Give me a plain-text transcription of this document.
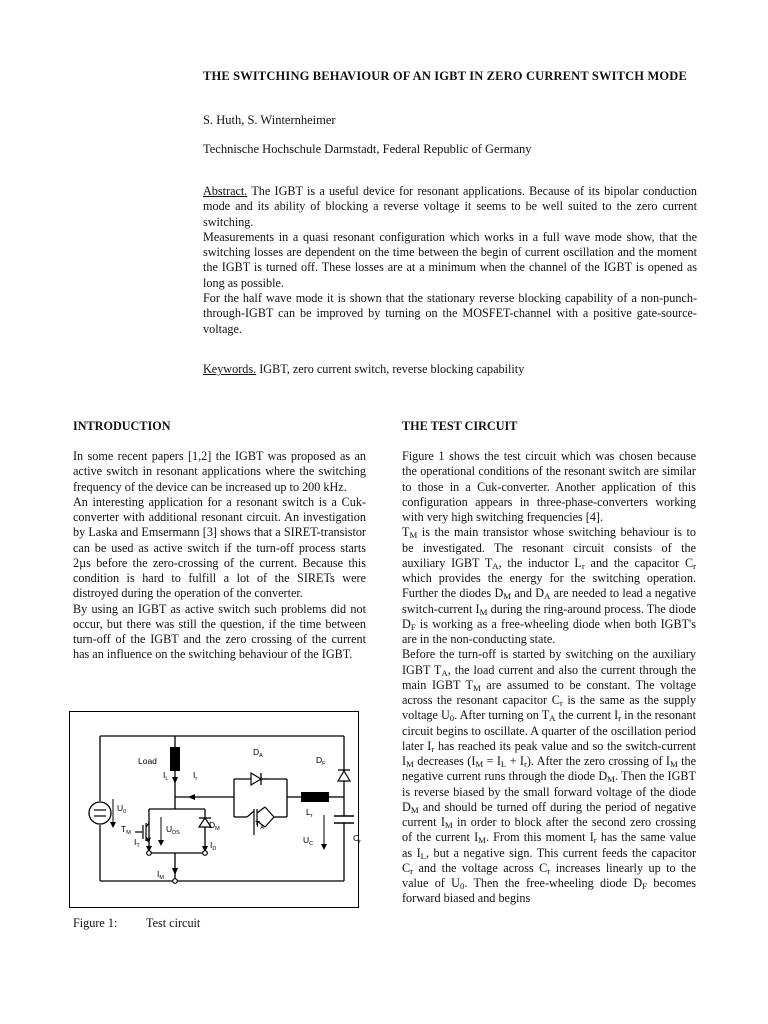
THE SWITCHING BEHAVIOUR OF AN IGBT IN ZERO CURRENT SWITCH MODE
S. Huth, S. Winternheimer
Technische Hochschule Darmstadt, Federal Republic of Germany

Abstract. The IGBT is a useful device for resonant applications. Because of its bipolar conduction mode and its ability of blocking a reverse voltage it seems to be well suited to the zero current switching.

Measurements in a quasi resonant configuration which works in a full wave mode show, that the switching losses are dependent on the time between the begin of current oscillation and the moment the IGBT is turned off. These losses are at a minimum when the channel of the IGBT is opened as long as possible.

For the half wave mode it is shown that the stationary reverse blocking capability of a non-punch-through-IGBT can be improved by turning on the MOSFET-channel with a positive gate-source-voltage.

Keywords. IGBT, zero current switch, reverse blocking capability
INTRODUCTION

In some recent papers [1,2] the IGBT was proposed as an active switch in resonant applications where the switching frequency of the device can be increased up to 200 kHz.

An interesting application for a resonant switch is a Cuk-converter with additional resonant circuit. An investigation by Laska and Emsermann [3] shows that a SIRET-transistor can be used as active switch if the turn-off process starts 2µs before the zero-crossing of the current. Because this condition is hard to fulfill a lot of the SIRETs were distroyed during the operation of the converter.

By using an IGBT as active switch such problems did not occur, but there was still the question, if the time between turn-off of the IGBT and the zero crossing of the current has an influence on the switching behaviour of the IGBT.

Load
$D_A$	$D_F$
$I_L$	$I_r$
$L_r$
$U_0$
$T_M$	$U_{DS}$
$D_M$	$T_A$
$I_T$	$I_D$
$U_C$
$C_r$
$I_M$
Figure 1: Test circuit
THE TEST CIRCUIT

Figure 1 shows the test circuit which was chosen because the operational conditions of the resonant switch are similar to those in a Cuk-converter. Another application of this configuration appears in three-phase-converters working with very high switching frequencies [4].

$T_M$ is the main transistor whose switching behaviour is to be investigated. The resonant circuit consists of the auxiliary IGBT $T_A$, the inductor $L_r$ and the capacitor $C_r$ which provides the energy for the switching operation. Further the diodes $D_M$ and $D_A$ are needed to lead a negative switch-current $I_M$ during the ring-around process. The diode $D_F$ is working as a free-wheeling diode when both IGBT's are in the non-conducting state.

Before the turn-off is started by switching on the auxiliary IGBT $T_A$, the load current and also the current through the main IGBT $T_M$ are assumed to be constant. The voltage across the resonant capacitor $C_r$ is the same as the supply voltage $U_0$. After turning on $T_A$ the current $I_r$ in the resonant circuit begins to oscillate. A quarter of the oscillation period later $I_r$ has reached its peak value and so the switch-current $I_M$ decreases $(I_M = I_L + I_r)$. After the zero crossing of $I_M$ the negative current runs through the diode $D_M$. Then the IGBT is reverse biased by the small forward voltage of the diode $D_M$ and should be turned off during the period of negative current $I_M$ in order to block after the second zero crossing of the current $I_M$. From this moment $I_r$ has the same value as $I_L$, but a negative sign. This current feeds the capacitor $C_r$ and the voltage across $C_r$ increases linearly up to the value of $U_0$. Then the free-wheeling diode $D_F$ becomes forward biased and begins
